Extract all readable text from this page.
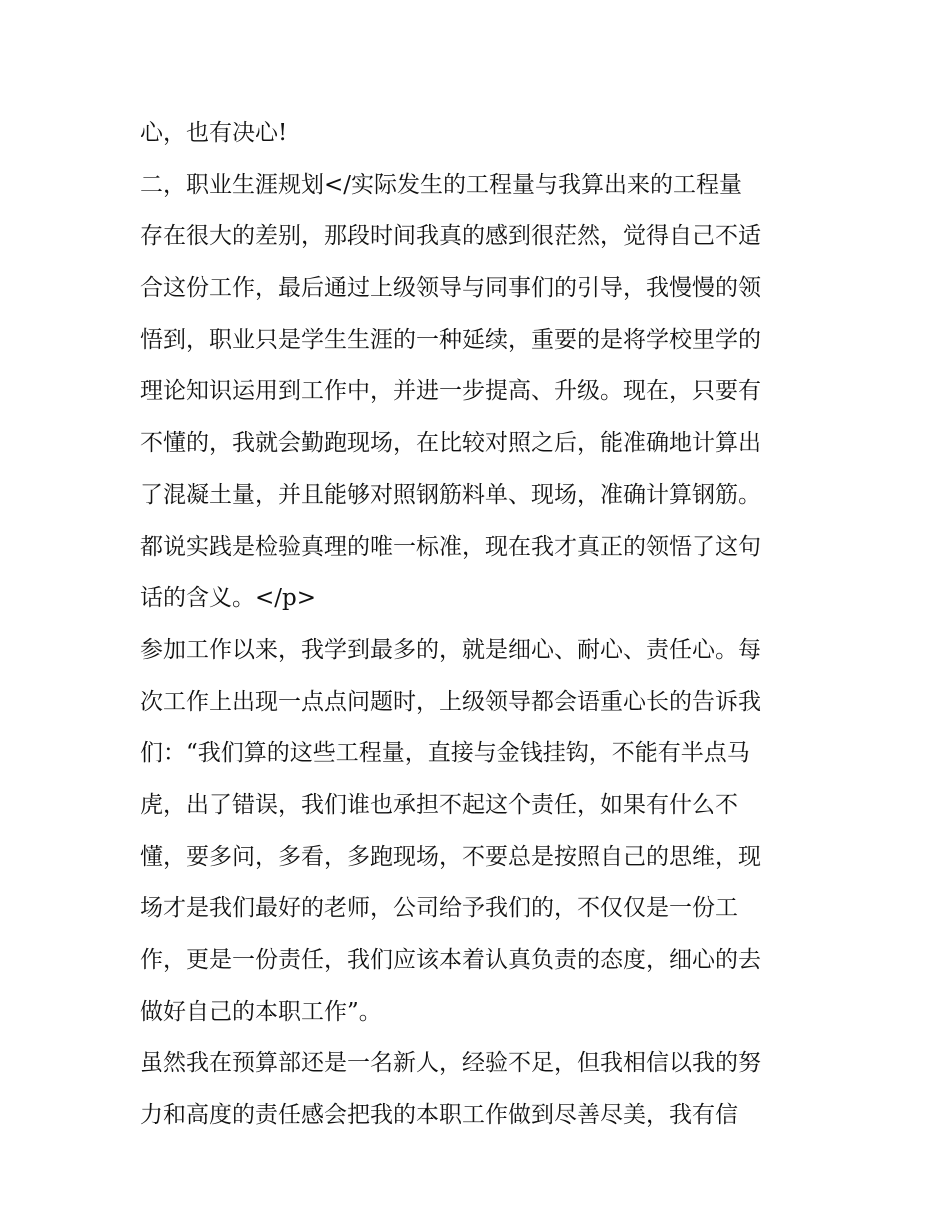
心，也有决心!
二，职业生涯规划</实际发生的工程量与我算出来的工程量
存在很大的差别，那段时间我真的感到很茫然，觉得自己不适
合这份工作，最后通过上级领导与同事们的引导，我慢慢的领
悟到，职业只是学生生涯的一种延续，重要的是将学校里学的
理论知识运用到工作中，并进一步提高、升级。现在，只要有
不懂的，我就会勤跑现场，在比较对照之后，能准确地计算出
了混凝土量，并且能够对照钢筋料单、现场，准确计算钢筋。
都说实践是检验真理的唯一标准，现在我才真正的领悟了这句
话的含义。</p>
参加工作以来，我学到最多的，就是细心、耐心、责任心。每
次工作上出现一点点问题时，上级领导都会语重心长的告诉我
们：“我们算的这些工程量，直接与金钱挂钩，不能有半点马
虎，出了错误，我们谁也承担不起这个责任，如果有什么不
懂，要多问，多看，多跑现场，不要总是按照自己的思维，现
场才是我们最好的老师，公司给予我们的，不仅仅是一份工
作，更是一份责任，我们应该本着认真负责的态度，细心的去
做好自己的本职工作”。
虽然我在预算部还是一名新人，经验不足，但我相信以我的努
力和高度的责任感会把我的本职工作做到尽善尽美，我有信
